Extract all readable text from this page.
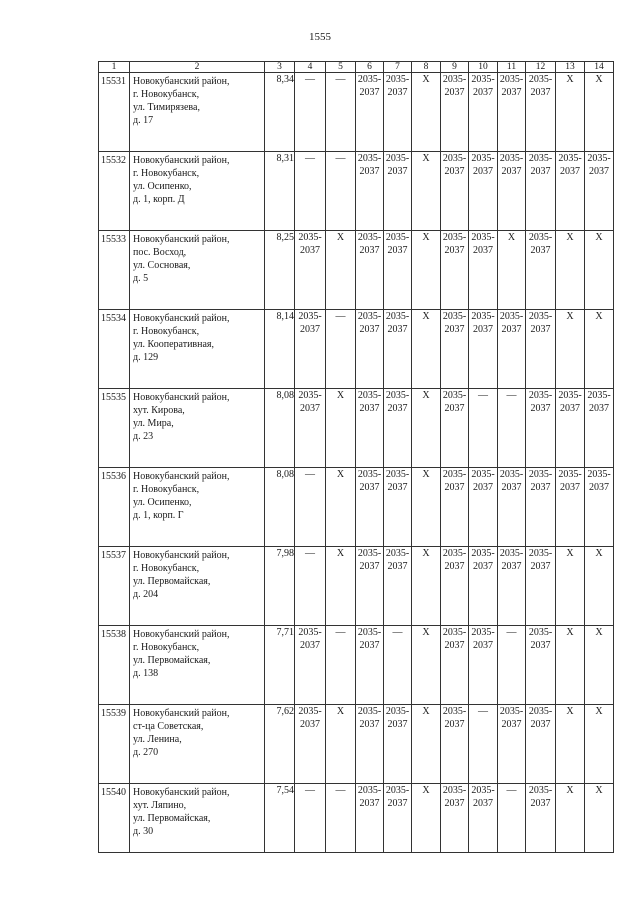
1555
1	2	3	4	5	6	7	8	9	10	11	12	13	14
15531	Новокубанский район,
г. Новокубанск,
ул. Тимирязева,
д. 17	8,34	—	—	2035-
2037	2035-
2037	X	2035-
2037	2035-
2037	2035-
2037	2035-
2037	X	X
15532	Новокубанский район,
г. Новокубанск,
ул. Осипенко,
д. 1, корп. Д	8,31	—	—	2035-
2037	2035-
2037	X	2035-
2037	2035-
2037	2035-
2037	2035-
2037	2035-
2037	2035-
2037
15533	Новокубанский район,
пос. Восход,
ул. Сосновая,
д. 5	8,25	2035-
2037	X	2035-
2037	2035-
2037	X	2035-
2037	2035-
2037	X	2035-
2037	X	X
15534	Новокубанский район,
г. Новокубанск,
ул. Кооперативная,
д. 129	8,14	2035-
2037	—	2035-
2037	2035-
2037	X	2035-
2037	2035-
2037	2035-
2037	2035-
2037	X	X
15535	Новокубанский район,
хут. Кирова,
ул. Мира,
д. 23	8,08	2035-
2037	X	2035-
2037	2035-
2037	X	2035-
2037	—	—	2035-
2037	2035-
2037	2035-
2037
15536	Новокубанский район,
г. Новокубанск,
ул. Осипенко,
д. 1, корп. Г	8,08	—	X	2035-
2037	2035-
2037	X	2035-
2037	2035-
2037	2035-
2037	2035-
2037	2035-
2037	2035-
2037
15537	Новокубанский район,
г. Новокубанск,
ул. Первомайская,
д. 204	7,98	—	X	2035-
2037	2035-
2037	X	2035-
2037	2035-
2037	2035-
2037	2035-
2037	X	X
15538	Новокубанский район,
г. Новокубанск,
ул. Первомайская,
д. 138	7,71	2035-
2037	—	2035-
2037	—	X	2035-
2037	2035-
2037	—	2035-
2037	X	X
15539	Новокубанский район,
ст-ца Советская,
ул. Ленина,
д. 270	7,62	2035-
2037	X	2035-
2037	2035-
2037	X	2035-
2037	—	2035-
2037	2035-
2037	X	X
15540	Новокубанский район,
хут. Ляпино,
ул. Первомайская,
д. 30	7,54	—	—	2035-
2037	2035-
2037	X	2035-
2037	2035-
2037	—	2035-
2037	X	X
